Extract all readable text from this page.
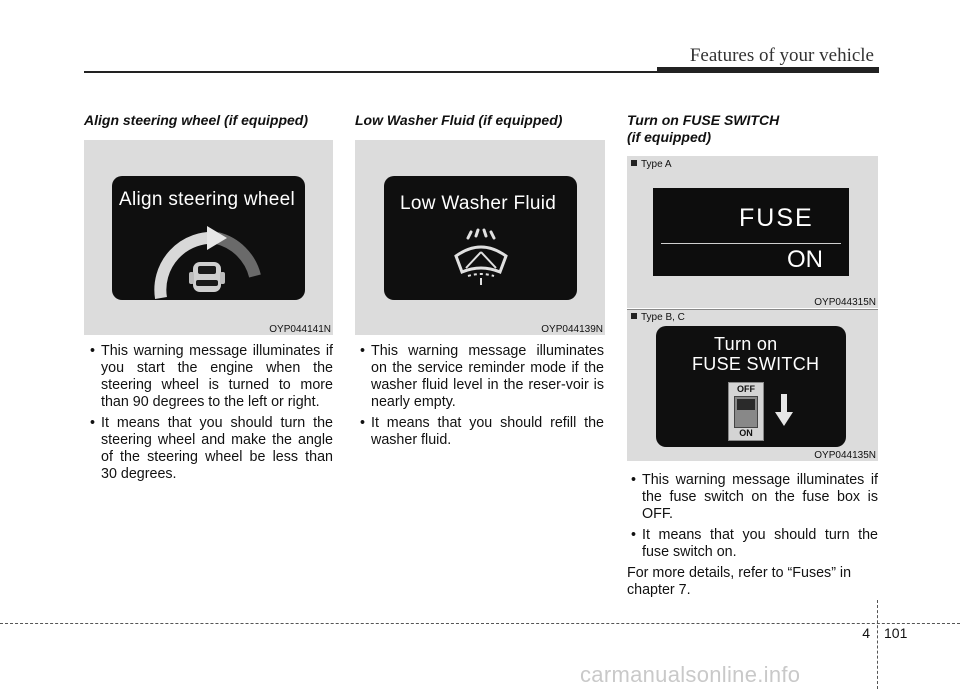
Features of your vehicle
Align steering wheel (if equipped)
Align steering wheel
OYP044141N
• This warning message illuminates if you start the engine when the steering wheel is turned to more than 90 degrees to the left or right.
• It means that you should turn the steering wheel and make the angle of the steering wheel be less than 30 degrees.
Low Washer Fluid (if equipped)
Low Washer Fluid
OYP044139N
• This warning message illuminates on the service reminder mode if the washer fluid level in the reser-voir is nearly empty.
• It means that you should refill the washer fluid.
Turn on FUSE SWITCH
(if equipped)
Type A
FUSE
ON
OYP044315N
Type B, C
Turn on
FUSE SWITCH
OFF
ON
OYP044135N
• This warning message illuminates if the fuse switch on the fuse box is OFF.
• It means that you should turn the fuse switch on.
For more details, refer to “Fuses” in chapter 7.
4 101
carmanualsonline.info
